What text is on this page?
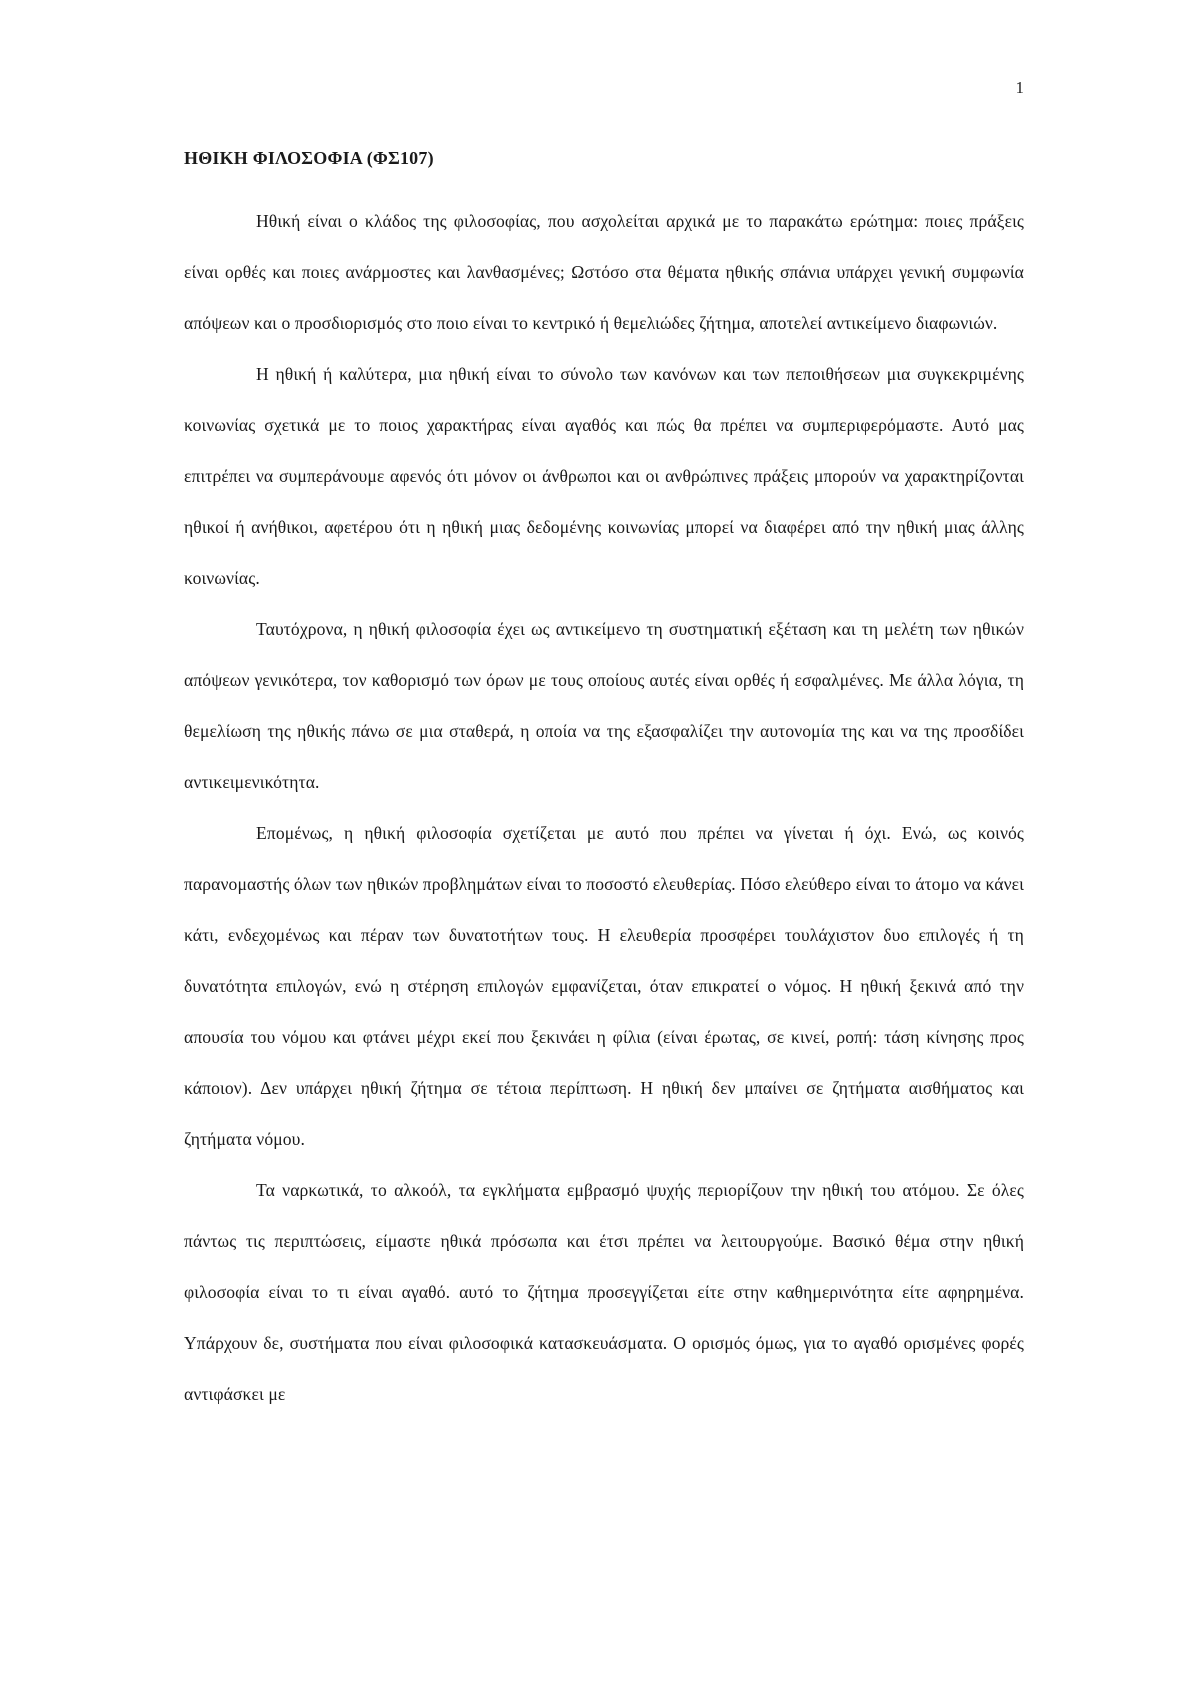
1

ΗΘΙΚΗ ΦΙΛΟΣΟΦΙΑ (ΦΣ107)

Ηθική είναι ο κλάδος της φιλοσοφίας, που ασχολείται αρχικά με το παρακάτω ερώτημα: ποιες πράξεις είναι ορθές και ποιες ανάρμοστες και λανθασμένες; Ωστόσο στα θέματα ηθικής σπάνια υπάρχει γενική συμφωνία απόψεων και ο προσδιορισμός στο ποιο είναι το κεντρικό ή θεμελιώδες ζήτημα, αποτελεί αντικείμενο διαφωνιών.

Η ηθική ή καλύτερα, μια ηθική είναι το σύνολο των κανόνων και των πεποιθήσεων μια συγκεκριμένης κοινωνίας σχετικά με το ποιος χαρακτήρας είναι αγαθός και πώς θα πρέπει να συμπεριφερόμαστε. Αυτό μας επιτρέπει να συμπεράνουμε αφενός ότι μόνον οι άνθρωποι και οι ανθρώπινες πράξεις μπορούν να χαρακτηρίζονται ηθικοί ή ανήθικοι, αφετέρου ότι η ηθική μιας δεδομένης κοινωνίας μπορεί να διαφέρει από την ηθική μιας άλλης κοινωνίας.

Ταυτόχρονα, η ηθική φιλοσοφία έχει ως αντικείμενο τη συστηματική εξέταση και τη μελέτη των ηθικών απόψεων γενικότερα, τον καθορισμό των όρων με τους οποίους αυτές είναι ορθές ή εσφαλμένες. Με άλλα λόγια, τη θεμελίωση της ηθικής πάνω σε μια σταθερά, η οποία να της εξασφαλίζει την αυτονομία της και να της προσδίδει αντικειμενικότητα.

Επομένως, η ηθική φιλοσοφία σχετίζεται με αυτό που πρέπει να γίνεται ή όχι. Ενώ, ως κοινός παρανομαστής όλων των ηθικών προβλημάτων είναι το ποσοστό ελευθερίας. Πόσο ελεύθερο είναι το άτομο να κάνει κάτι, ενδεχομένως και πέραν των δυνατοτήτων τους. Η ελευθερία προσφέρει τουλάχιστον δυο επιλογές ή τη δυνατότητα επιλογών, ενώ η στέρηση επιλογών εμφανίζεται, όταν επικρατεί ο νόμος. Η ηθική ξεκινά από την απουσία του νόμου και φτάνει μέχρι εκεί που ξεκινάει η φίλια (είναι έρωτας, σε κινεί, ροπή: τάση κίνησης προς κάποιον). Δεν υπάρχει ηθική ζήτημα σε τέτοια περίπτωση. Η ηθική δεν μπαίνει σε ζητήματα αισθήματος και ζητήματα νόμου.

Τα ναρκωτικά, το αλκοόλ, τα εγκλήματα εμβρασμό ψυχής περιορίζουν την ηθική του ατόμου. Σε όλες πάντως τις περιπτώσεις, είμαστε ηθικά πρόσωπα και έτσι πρέπει να λειτουργούμε. Βασικό θέμα στην ηθική φιλοσοφία είναι το τι είναι αγαθό. αυτό το ζήτημα προσεγγίζεται είτε στην καθημερινότητα είτε αφηρημένα. Υπάρχουν δε, συστήματα που είναι φιλοσοφικά κατασκευάσματα. Ο ορισμός όμως, για το αγαθό ορισμένες φορές αντιφάσκει με
